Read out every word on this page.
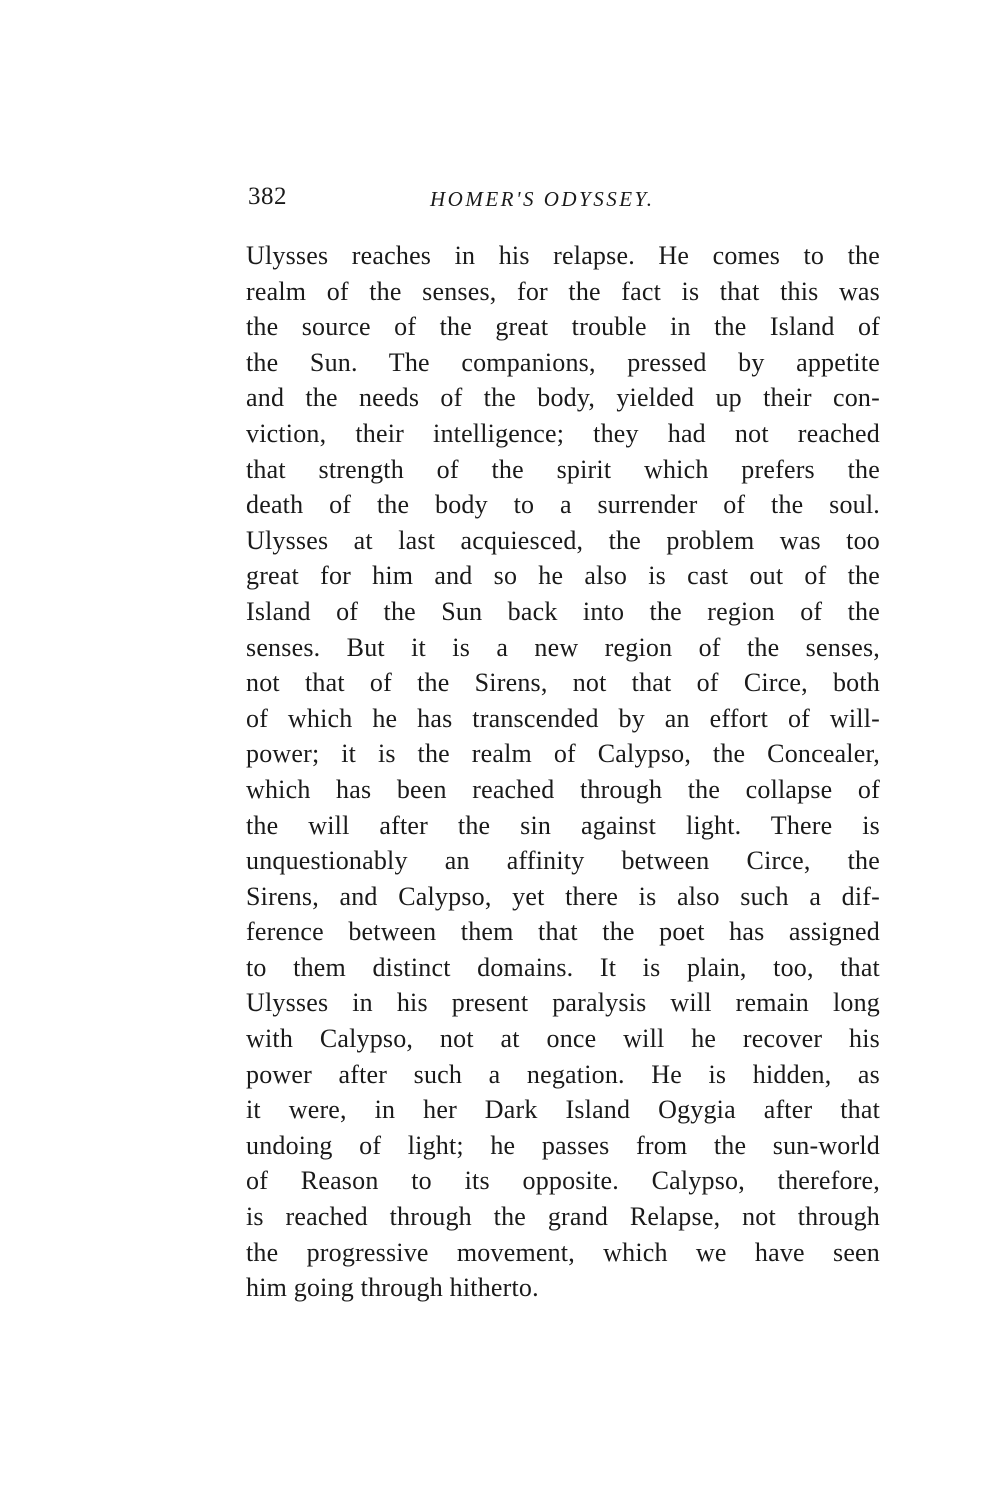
382	HOMER'S ODYSSEY.
Ulysses reaches in his relapse. He comes to the
realm of the senses, for the fact is that this was
the source of the great trouble in the Island of
the Sun. The companions, pressed by appetite
and the needs of the body, yielded up their con-
viction, their intelligence; they had not reached
that strength of the spirit which prefers the
death of the body to a surrender of the soul.
Ulysses at last acquiesced, the problem was too
great for him and so he also is cast out of the
Island of the Sun back into the region of the
senses. But it is a new region of the senses,
not that of the Sirens, not that of Circe, both
of which he has transcended by an effort of will-
power; it is the realm of Calypso, the Concealer,
which has been reached through the collapse of
the will after the sin against light. There is
unquestionably an affinity between Circe, the
Sirens, and Calypso, yet there is also such a dif-
ference between them that the poet has assigned
to them distinct domains. It is plain, too, that
Ulysses in his present paralysis will remain long
with Calypso, not at once will he recover his
power after such a negation. He is hidden, as
it were, in her Dark Island Ogygia after that
undoing of light; he passes from the sun-world
of Reason to its opposite. Calypso, therefore,
is reached through the grand Relapse, not through
the progressive movement, which we have seen
him going through hitherto.
